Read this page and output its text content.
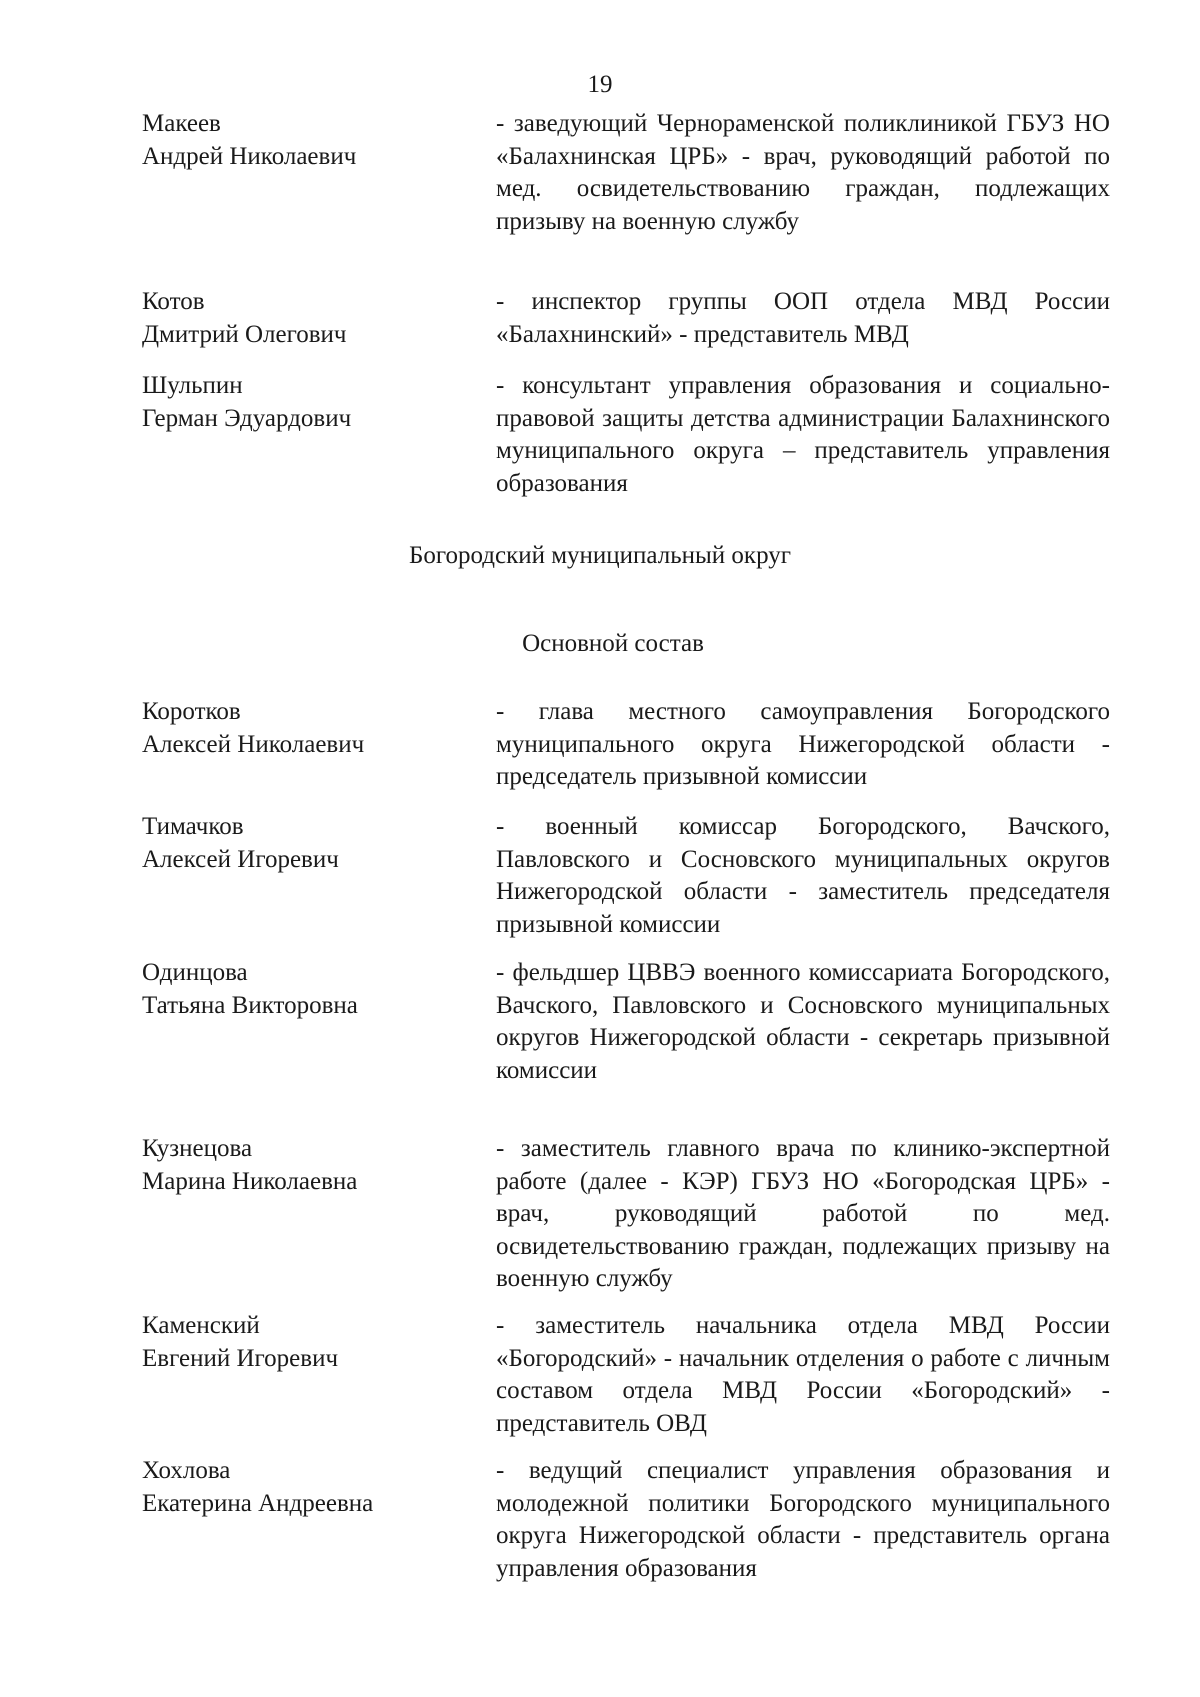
19
Макеев
Андрей Николаевич
- заведующий Чернораменской поликлиникой ГБУЗ НО «Балахнинская ЦРБ» - врач, руководящий работой по мед. освидетельствованию граждан, подлежащих призыву на военную службу
Котов
Дмитрий Олегович
- инспектор группы ООП отдела МВД России «Балахнинский» - представитель МВД
Шульпин
Герман Эдуардович
- консультант управления образования и социально-правовой защиты детства администрации Балахнинского муниципального округа – представитель управления образования
Богородский муниципальный округ
Основной состав
Коротков
Алексей Николаевич
- глава местного самоуправления Богородского муниципального округа Нижегородской области - председатель призывной комиссии
Тимачков
Алексей Игоревич
- военный комиссар Богородского, Вачского, Павловского и Сосновского муниципальных округов Нижегородской области - заместитель председателя призывной комиссии
Одинцова
Татьяна Викторовна
- фельдшер ЦВВЭ военного комиссариата Богородского, Вачского, Павловского и Сосновского муниципальных округов Нижегородской области - секретарь призывной комиссии
Кузнецова
Марина Николаевна
- заместитель главного врача по клинико-экспертной работе (далее - КЭР) ГБУЗ НО «Богородская ЦРБ» - врач, руководящий работой по мед. освидетельствованию граждан, подлежащих призыву на военную службу
Каменский
Евгений Игоревич
- заместитель начальника отдела МВД России «Богородский» - начальник отделения о работе с личным составом отдела МВД России «Богородский» - представитель ОВД
Хохлова
Екатерина Андреевна
- ведущий специалист управления образования и молодежной политики Богородского муниципального округа Нижегородской области - представитель органа управления образования
